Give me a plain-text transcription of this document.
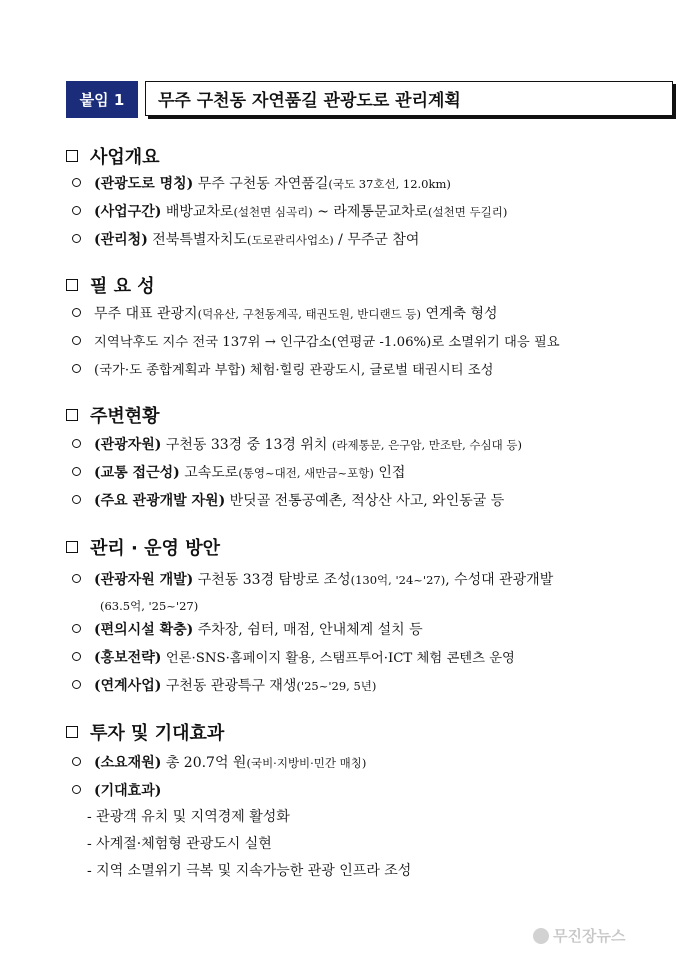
붙임 1	무주 구천동 자연품길 관광도로 관리계획
사업개요
(관광도로 명칭) 무주 구천동 자연품길(국도 37호선, 12.0km)
(사업구간) 배방교차로(설천면 심곡리) ~ 라제통문교차로(설천면 두길리)
(관리청) 전북특별자치도(도로관리사업소) / 무주군 참여
필 요 성
무주 대표 관광지(덕유산, 구천동계곡, 태권도원, 반디랜드 등) 연계축 형성
지역낙후도 지수 전국 137위 → 인구감소(연평균 -1.06%)로 소멸위기 대응 필요
(국가·도 종합계획과 부합) 체험·힐링 관광도시, 글로벌 태권시티 조성
주변현황
(관광자원) 구천동 33경 중 13경 위치 (라제통문, 은구암, 만조탄, 수심대 등)
(교통 접근성) 고속도로(통영~대전, 새만금~포항) 인접
(주요 관광개발 자원) 반딧골 전통공예촌, 적상산 사고, 와인동굴 등
관리 · 운영 방안
(관광자원 개발) 구천동 33경 탐방로 조성(130억, '24~'27), 수성대 관광개발
(63.5억, '25~'27)
(편의시설 확충) 주차장, 쉼터, 매점, 안내체계 설치 등
(홍보전략) 언론·SNS·홈페이지 활용, 스탬프투어·ICT 체험 콘텐츠 운영
(연계사업) 구천동 관광특구 재생('25~'29, 5년)
투자 및 기대효과
(소요재원) 총 20.7억 원(국비·지방비·민간 매칭)
(기대효과)
- 관광객 유치 및 지역경제 활성화
- 사계절·체험형 관광도시 실현
- 지역 소멸위기 극복 및 지속가능한 관광 인프라 조성
무진장뉴스
